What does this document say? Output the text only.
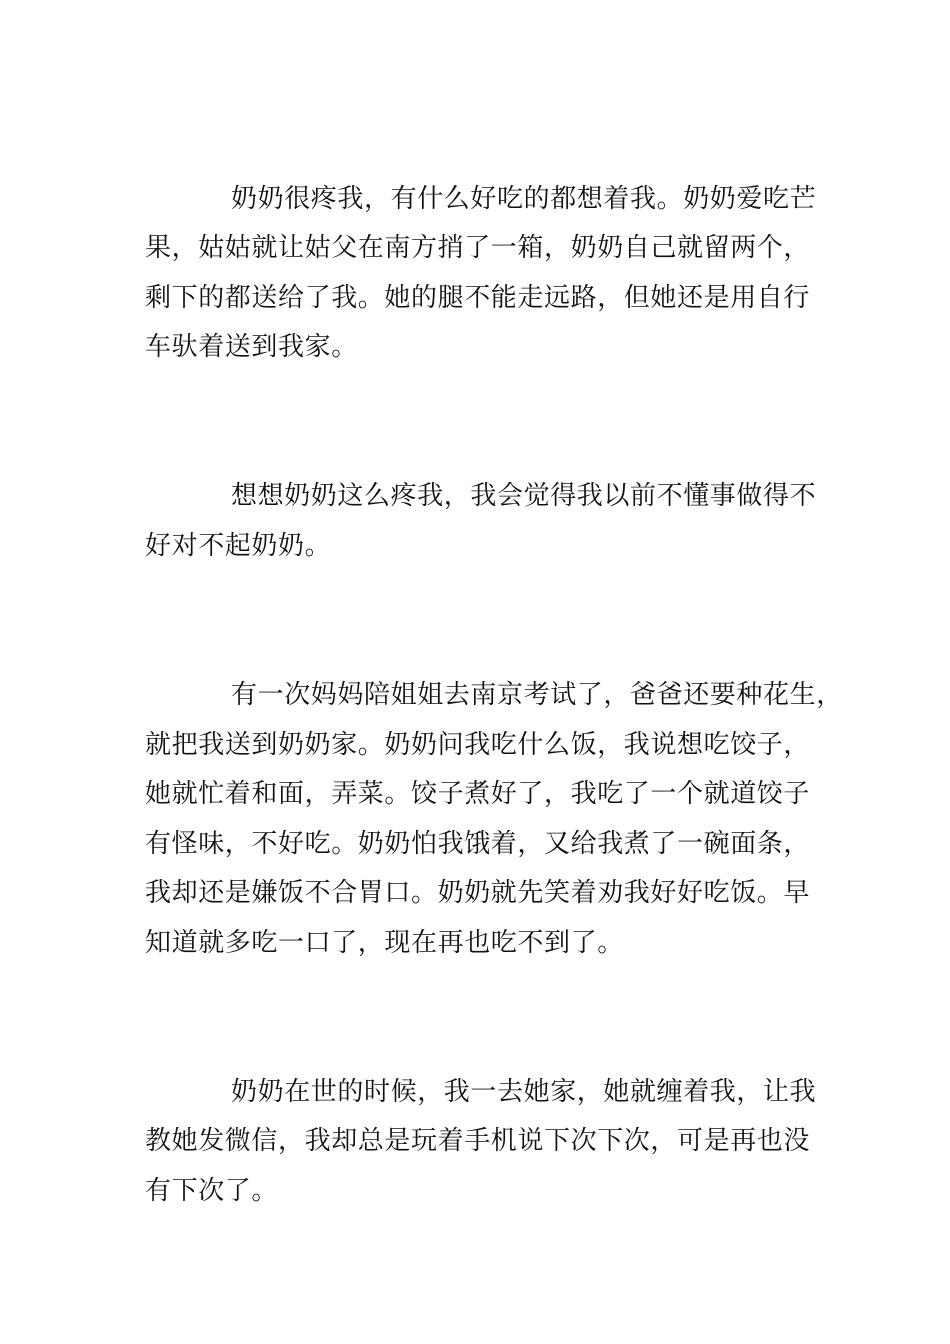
奶奶很疼我，有什么好吃的都想着我。奶奶爱吃芒
果，姑姑就让姑父在南方捎了一箱，奶奶自己就留两个，
剩下的都送给了我。她的腿不能走远路，但她还是用自行
车驮着送到我家。
想想奶奶这么疼我，我会觉得我以前不懂事做得不
好对不起奶奶。
有一次妈妈陪姐姐去南京考试了，爸爸还要种花生，
就把我送到奶奶家。奶奶问我吃什么饭，我说想吃饺子，
她就忙着和面，弄菜。饺子煮好了，我吃了一个就道饺子
有怪味，不好吃。奶奶怕我饿着，又给我煮了一碗面条，
我却还是嫌饭不合胃口。奶奶就先笑着劝我好好吃饭。早
知道就多吃一口了，现在再也吃不到了。
奶奶在世的时候，我一去她家，她就缠着我，让我
教她发微信，我却总是玩着手机说下次下次，可是再也没
有下次了。
